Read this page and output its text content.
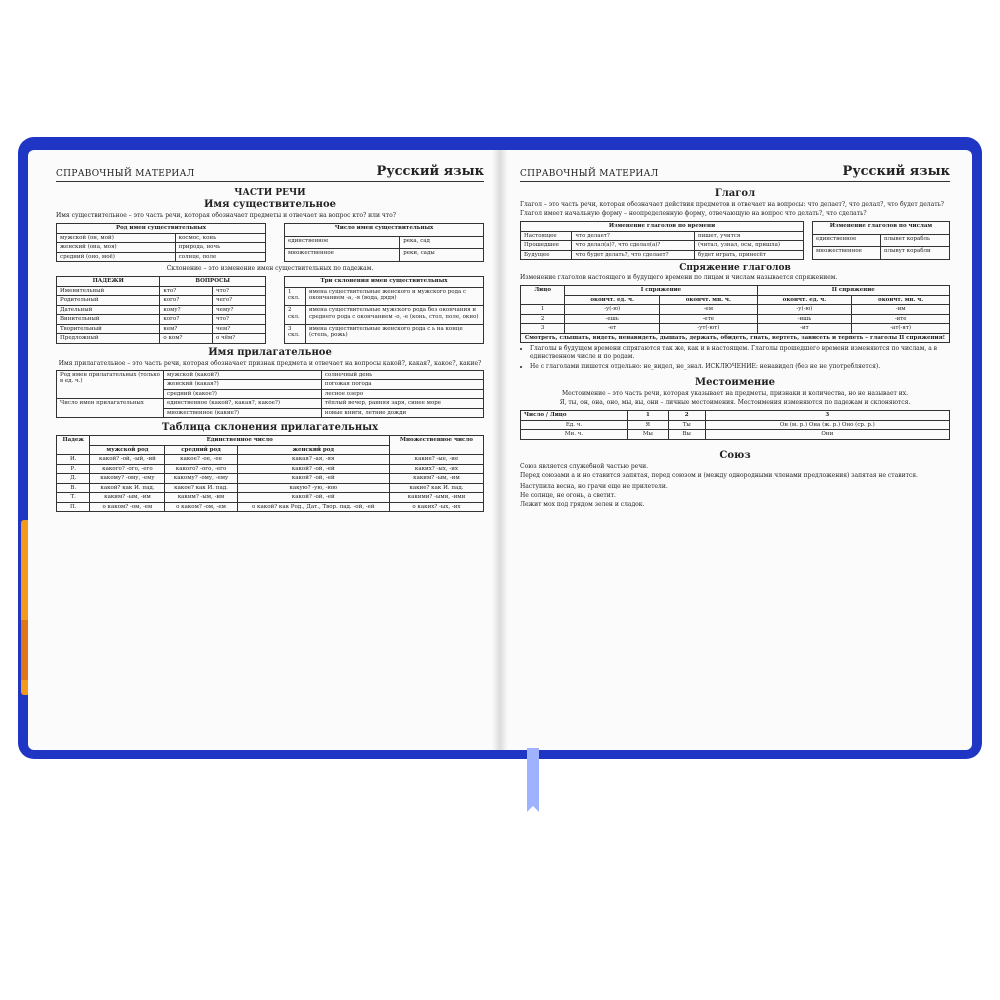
СПРАВОЧНЫЙ МАТЕРИАЛ	Русский язык
ЧАСТИ РЕЧИ
Имя существительное
Имя существительное – это часть речи, которая обозначает предметы и отвечает на вопрос кто? или что?
Род имен существительных	
мужской (он, мой)	космос, конь
женский (она, моя)	природа, ночь
средний (оно, моё)	солнце, поле
Число имен существительных	
единственное	река, сад
множественное	реки, сады
Склонение – это изменение имен существительных по падежам.
ПАДЕЖИ	ВОПРОСЫ	
Именительный	кто?	что?
Родительный	кого?	чего?
Дательный	кому?	чему?
Винительный	кого?	что?
Творительный	кем?	чем?
Предложный	о ком?	о чём?
Три склонения имен существительных	
1 скл.	имена существительные женского и мужского рода с окончанием -а, -я (вода, дядя)
2 скл.	имена существительные мужского рода без окончания и среднего рода с окончанием -о, -е (конь, стол, поле, окно)
3 скл.	имена существительные женского рода с ь на конце (степь, рожь)
Имя прилагательное
Имя прилагательное – это часть речи, которая обозначает признак предмета и отвечает на вопросы какой?, какая?, какое?, какие?
Род имен прилагательных (только в ед. ч.)	мужской (какой?)	солнечный день
	женский (какая?)	погожая погода
	средний (какое?)	лесное озеро
Число имен прилагательных	единственное (какой?, какая?, какое?)	тёплый вечер, ранняя заря, синее море
	множественное (какие?)	новые книги, летние дожди
Таблица склонения прилагательных
Падеж	Единственное число			Множественное число
	мужской род	средний род	женский род	
И.	какой? -ой, -ый, -ий	какое? -ое, -ее	какая? -ая, -яя	какие? -ые, -ие
Р.	какого? -ого, -его	какого? -ого, -его	какой? -ой, -ей	каких? -ых, -их
Д.	какому? -ому, -ему	какому? -ому, -ему	какой? -ой, -ей	каким? -ым, -им
В.	какой? как И. пад.	какое? как И. пад.	какую? -ую, -юю	какие? как И. пад.
Т.	каким? -ым, -им	каким? -ым, -им	какой? -ой, -ей	какими? -ыми, -ими
П.	о каком? -ом, -ем	о каком? -ом, -ем	о какой? как Род., Дат., Твор. пад. -ой, -ей	о каких? -ых, -их
СПРАВОЧНЫЙ МАТЕРИАЛ	Русский язык
Глагол
Глагол – это часть речи, которая обозначает действия предметов и отвечает на вопросы: что делает?, что делал?, что будет делать?
Глагол имеет начальную форму – неопределенную форму, отвечающую на вопрос что делать?, что сделать?
Изменение глаголов по времени		
Настоящее	что делает?	пишет, учится
Прошедшее	что делал(а)?, что сделал(а)?	(читал, узнал, осы, пришла)
Будущее	что будет делать?, что сделает?	будет играть, принесёт
Изменение глаголов по числам	
единственное	плывет корабль
множественное	плывут корабли
Спряжение глаголов
Изменение глаголов настоящего и будущего времени по лицам и числам называется спряжением.
Лицо	I спряжение		II спряжение	
	окончт. ед. ч.	окончт. мн. ч.	окончт. ед. ч.	окончт. мн. ч.
1	-у(-ю)	-ем	-у(-ю)	-им
2	-ешь	-ете	-ишь	-ите
3	-ет	-ут(-ют)	-ит	-ат(-ят)
Смотреть, слышать, видеть, ненавидеть, дышать, держать, обидеть, гнать, вертеть, зависеть и терпеть – глаголы II спряжения!				
• Глаголы в будущем времени спрягаются так же, как и в настоящем. Глаголы прошедшего времени изменяются по числам, а в единственном числе и по родам.
• Не с глаголами пишется отдельно: не_видел, не_знал. ИСКЛЮЧЕНИЕ: ненавидел (без не не употребляется).
Местоимение
Местоимение – это часть речи, которая указывает на предметы, признаки и количества, но не называет их.
Я, ты, он, она, оно, мы, вы, они – личные местоимения. Местоимения изменяются по падежам и склоняются.
Число / Лицо	1	2	3
Ед. ч.	Я	Ты	Он (м. р.) Она (ж. р.) Оно (ср. р.)
Мн. ч.	Мы	Вы	Они
Союз
Союз является служебной частью речи.
Перед союзами а и но ставится запятая, перед союзом и (между однородными членами предложения) запятая не ставится.
Наступила весна, но грачи еще не прилетели.
Не солнце, не огонь, а светит.
Лежит мох под грядом зелен и сладок.
